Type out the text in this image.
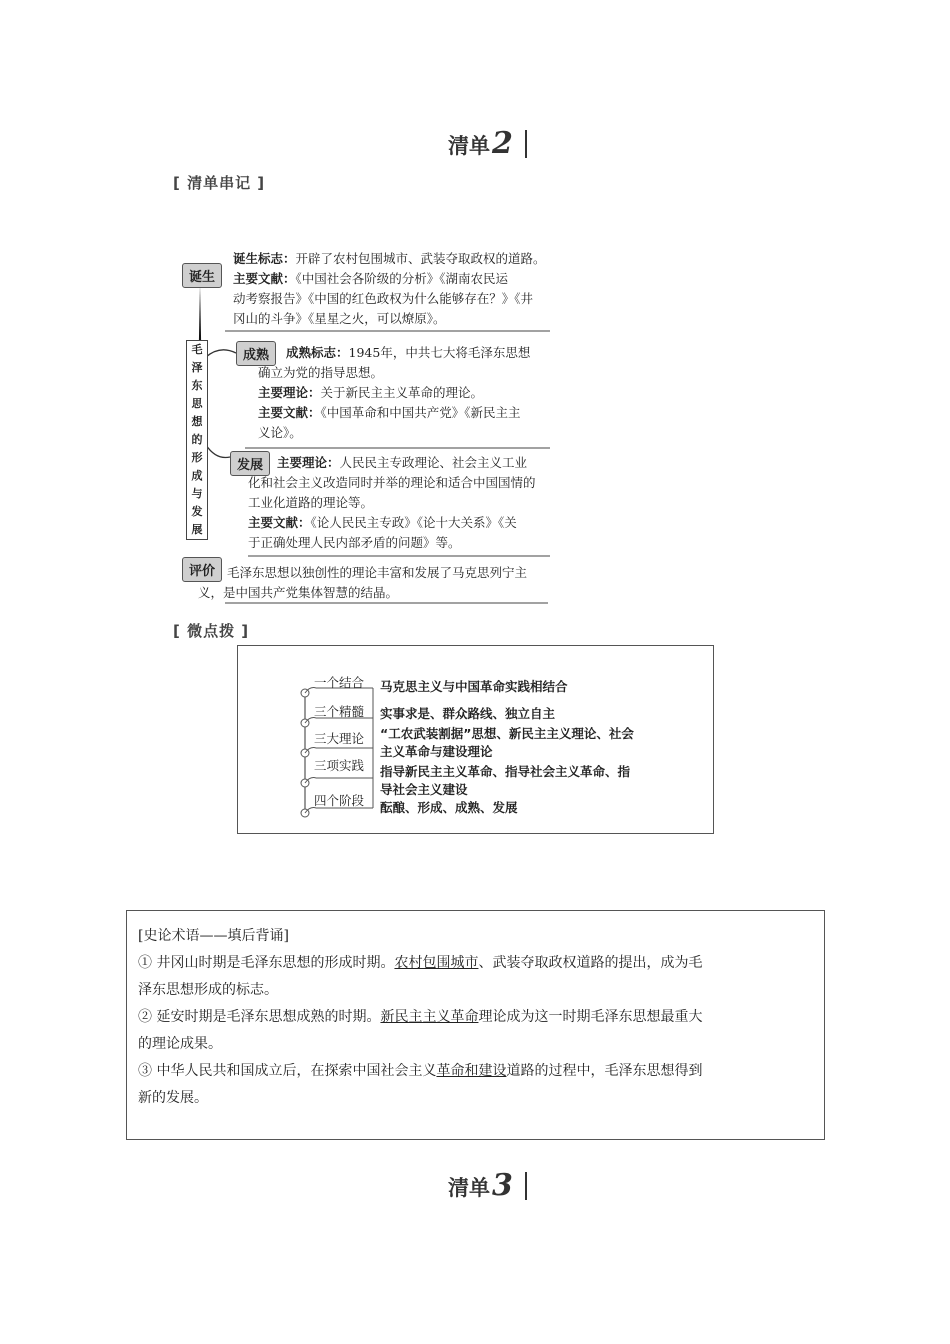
清单 2
[ 清单串记 ]
毛
泽
东
思
想
的
形
成
与
发
展
诞生
诞生标志：开辟了农村包围城市、武装夺取政权的道路。
主要文献：《中国社会各阶级的分析》《湖南农民运
动考察报告》《中国的红色政权为什么能够存在？》《井
冈山的斗争》《星星之火，可以燎原》。
成熟	成熟标志：1945年，中共七大将毛泽东思想
确立为党的指导思想。
主要理论：关于新民主主义革命的理论。
主要文献：《中国革命和中国共产党》《新民主主
义论》。
发展	主要理论：人民民主专政理论、社会主义工业
化和社会主义改造同时并举的理论和适合中国国情的
工业化道路的理论等。
主要文献：《论人民民主专政》《论十大关系》《关
于正确处理人民内部矛盾的问题》等。
评价 毛泽东思想以独创性的理论丰富和发展了马克思列宁主
义，是中国共产党集体智慧的结晶。
[ 微点拨 ]
一个结合
三个精髓
三大理论
三项实践
四个阶段
马克思主义与中国革命实践相结合
实事求是、群众路线、独立自主
“工农武装割据”思想、新民主主义理论、社会
主义革命与建设理论
指导新民主主义革命、指导社会主义革命、指
导社会主义建设
酝酿、形成、成熟、发展

[史论术语——填后背诵]

① 井冈山时期是毛泽东思想的形成时期。农村包围城市、武装夺取政权道路的提出，成为毛

泽东思想形成的标志。

② 延安时期是毛泽东思想成熟的时期。新民主主义革命理论成为这一时期毛泽东思想最重大

的理论成果。

③ 中华人民共和国成立后，在探索中国社会主义革命和建设道路的过程中，毛泽东思想得到

新的发展。

清单 3
